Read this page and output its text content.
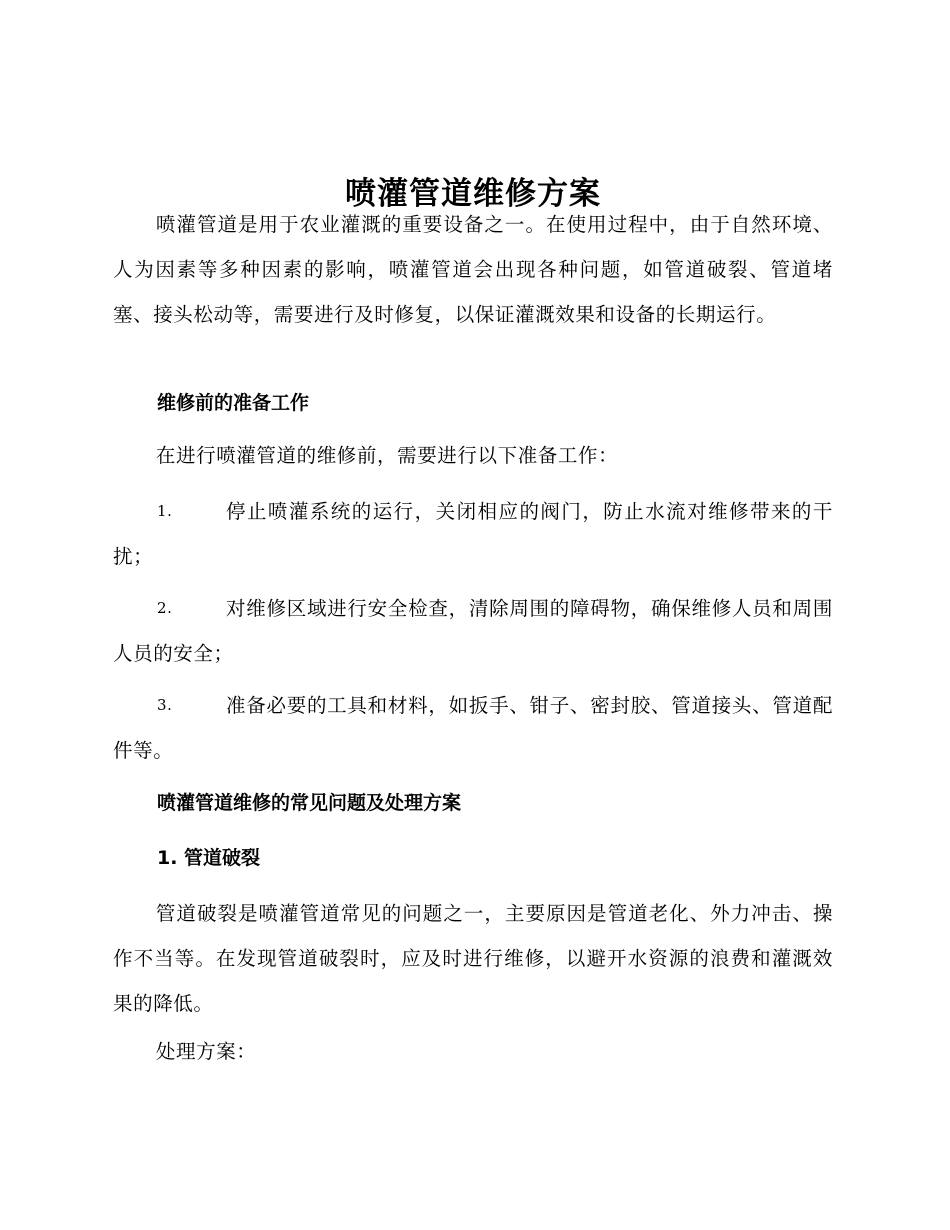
喷灌管道维修方案

喷灌管道是用于农业灌溉的重要设备之一。在使用过程中，由于自然环境、人为因素等多种因素的影响，喷灌管道会出现各种问题，如管道破裂、管道堵塞、接头松动等，需要进行及时修复，以保证灌溉效果和设备的长期运行。

维修前的准备工作

在进行喷灌管道的维修前，需要进行以下准备工作：

1.	停止喷灌系统的运行，关闭相应的阀门，防止水流对维修带来的干扰；
2.	对维修区域进行安全检查，清除周围的障碍物，确保维修人员和周围人员的安全；
3.	准备必要的工具和材料，如扳手、钳子、密封胶、管道接头、管道配件等。
喷灌管道维修的常见问题及处理方案
1. 管道破裂

管道破裂是喷灌管道常见的问题之一，主要原因是管道老化、外力冲击、操作不当等。在发现管道破裂时，应及时进行维修，以避开水资源的浪费和灌溉效果的降低。

处理方案：
